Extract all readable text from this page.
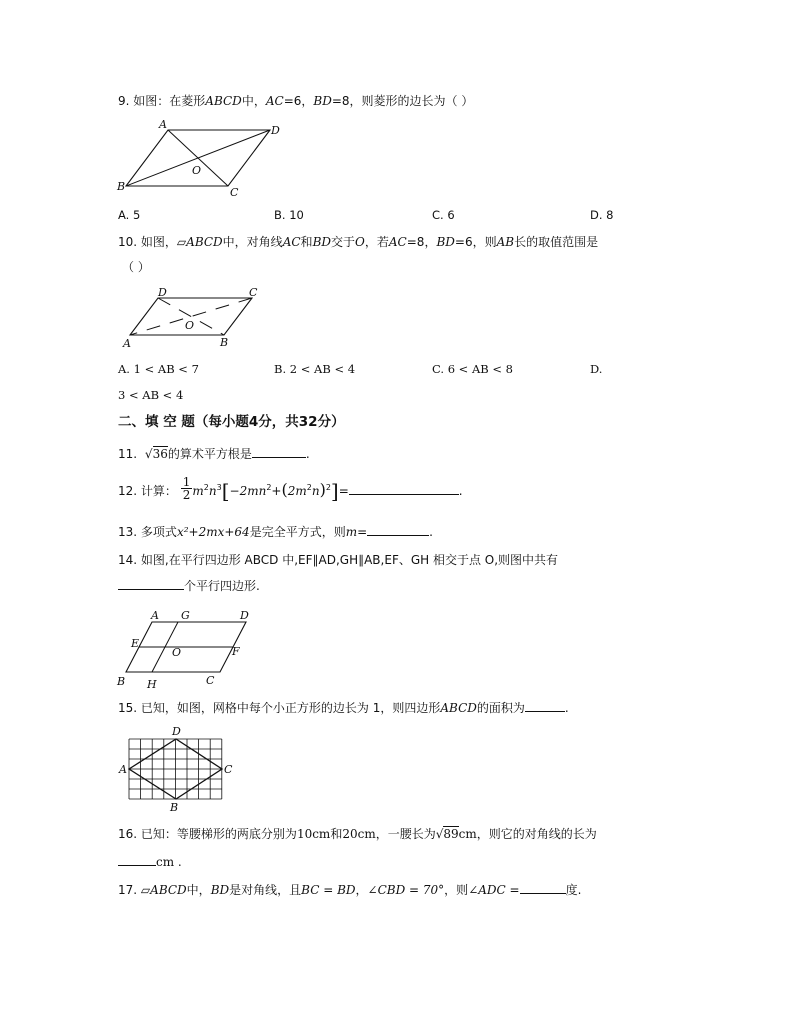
9. 如图：在菱形ABCD中，AC=6，BD=8，则菱形的边长为（ ）
A	D
B	C
O
A. 5	B. 10	C. 6	D. 8
10. 如图，▱ABCD中，对角线AC和BD交于O，若AC=8，BD=6，则AB长的取值范围是
（ ）
D	C
A	B
O
A. 1 < AB < 7	B. 2 < AB < 4	C. 6 < AB < 8	D.
3 < AB < 4
二、填 空 题（每小题4分，共32分）
11. √36的算术平方根是	.
12. 计算： $\frac{1}{2} m^2n^3[-2mn^2+(2m^2n)^2]=$	.
13. 多项式x²+2mx+64是完全平方式，则m=	.
14. 如图,在平行四边形 ABCD 中,EF∥AD,GH∥AB,EF、GH 相交于点 O,则图中共有
个平行四边形.
A G	D
E
O	F
B H	C
15. 已知，如图，网格中每个小正方形的边长为 1，则四边形ABCD的面积为	.
A
D
C
B
16. 已知：等腰梯形的两底分别为10cm和20cm，一腰长为√89cm，则它的对角线的长为
cm .
17. ▱ABCD中，BD是对角线，且BC = BD，∠CBD = 70°，则∠ADC =	度.
